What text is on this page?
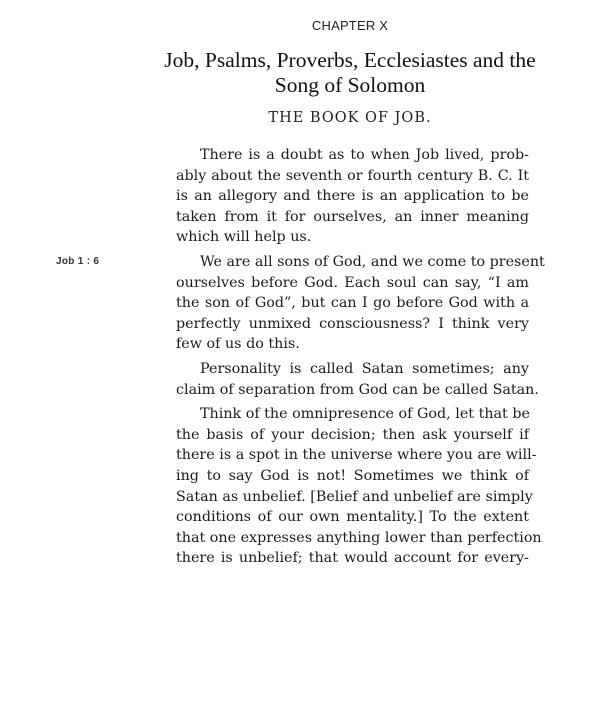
CHAPTER X
Job, Psalms, Proverbs, Ecclesiastes and the
Song of Solomon
THE BOOK OF JOB.
Job 1 : 6
There is a doubt as to when Job lived, prob-
ably about the seventh or fourth century B. C. It
is an allegory and there is an application to be
taken from it for ourselves, an inner meaning
which will help us.
We are all sons of God, and we come to present
ourselves before God. Each soul can say, “I am
the son of God”, but can I go before God with a
perfectly unmixed consciousness? I think very
few of us do this.
Personality is called Satan sometimes; any
claim of separation from God can be called Satan.
Think of the omnipresence of God, let that be
the basis of your decision; then ask yourself if
there is a spot in the universe where you are will-
ing to say God is not! Sometimes we think of
Satan as unbelief. [Belief and unbelief are simply
conditions of our own mentality.] To the extent
that one expresses anything lower than perfection
there is unbelief; that would account for every-
